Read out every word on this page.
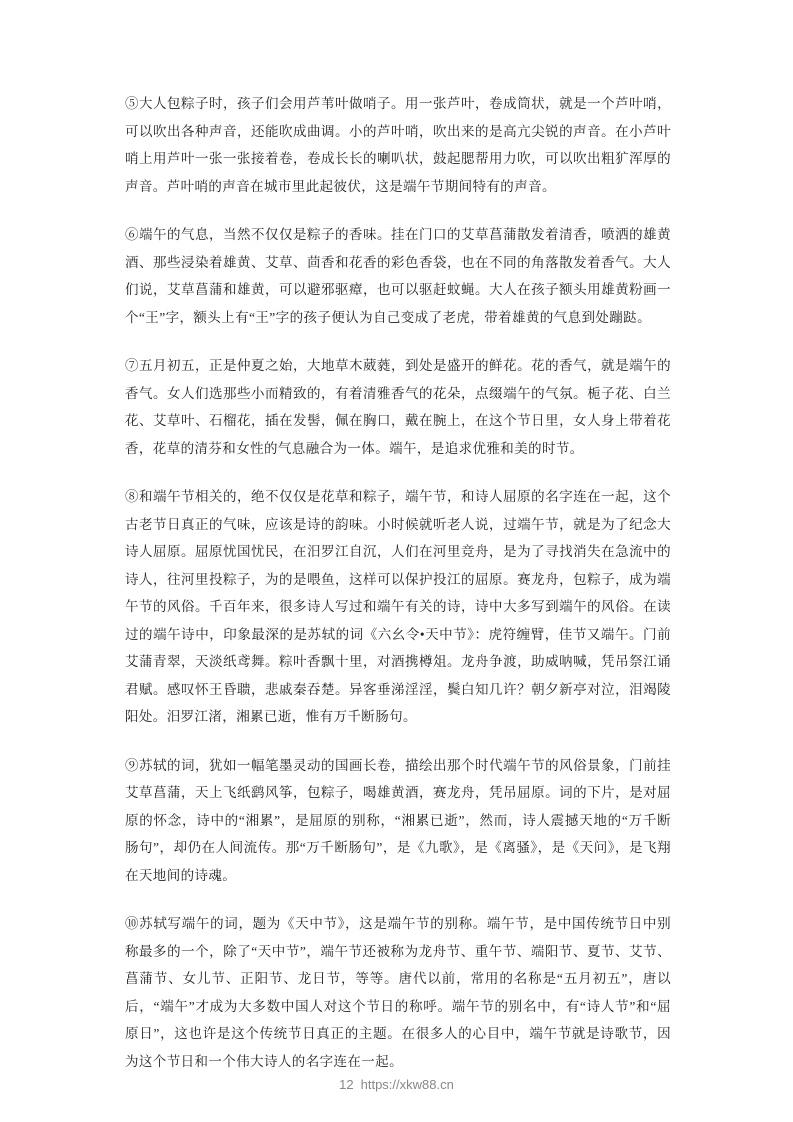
⑤大人包粽子时，孩子们会用芦苇叶做哨子。用一张芦叶，卷成筒状，就是一个芦叶哨，可以吹出各种声音，还能吹成曲调。小的芦叶哨，吹出来的是高亢尖锐的声音。在小芦叶哨上用芦叶一张一张接着卷，卷成长长的喇叭状，鼓起腮帮用力吹，可以吹出粗犷浑厚的声音。芦叶哨的声音在城市里此起彼伏，这是端午节期间特有的声音。

⑥端午的气息，当然不仅仅是粽子的香味。挂在门口的艾草菖蒲散发着清香，喷洒的雄黄酒、那些浸染着雄黄、艾草、茴香和花香的彩色香袋，也在不同的角落散发着香气。大人们说，艾草菖蒲和雄黄，可以避邪驱瘴，也可以驱赶蚊蝇。大人在孩子额头用雄黄粉画一个“王”字，额头上有“王”字的孩子便认为自己变成了老虎，带着雄黄的气息到处蹦跶。

⑦五月初五，正是仲夏之始，大地草木葳蕤，到处是盛开的鲜花。花的香气，就是端午的香气。女人们选那些小而精致的，有着清雅香气的花朵，点缀端午的气氛。栀子花、白兰花、艾草叶、石榴花，插在发髻，佩在胸口，戴在腕上，在这个节日里，女人身上带着花香，花草的清芬和女性的气息融合为一体。端午，是追求优雅和美的时节。

⑧和端午节相关的，绝不仅仅是花草和粽子，端午节，和诗人屈原的名字连在一起，这个古老节日真正的气味，应该是诗的韵味。小时候就听老人说，过端午节，就是为了纪念大诗人屈原。屈原忧国忧民，在汨罗江自沉，人们在河里竞舟，是为了寻找消失在急流中的诗人，往河里投粽子，为的是喂鱼，这样可以保护投江的屈原。赛龙舟，包粽子，成为端午节的风俗。千百年来，很多诗人写过和端午有关的诗，诗中大多写到端午的风俗。在读过的端午诗中，印象最深的是苏轼的词《六幺令•天中节》：虎符缠臂，佳节又端午。门前艾蒲青翠，天淡纸鸢舞。粽叶香飘十里，对酒携樽俎。龙舟争渡，助威呐喊，凭吊祭江诵君赋。感叹怀王昏聩，悲戚秦吞楚。异客垂涕淫淫，鬓白知几许？朝夕新亭对泣，泪竭陵阳处。汨罗江渚，湘累已逝，惟有万千断肠句。

⑨苏轼的词，犹如一幅笔墨灵动的国画长卷，描绘出那个时代端午节的风俗景象，门前挂艾草菖蒲，天上飞纸鹞风筝，包粽子，喝雄黄酒，赛龙舟，凭吊屈原。词的下片，是对屈原的怀念，诗中的“湘累”，是屈原的别称，“湘累已逝”，然而，诗人震撼天地的“万千断肠句”，却仍在人间流传。那“万千断肠句”，是《九歌》，是《离骚》，是《天问》，是飞翔在天地间的诗魂。

⑩苏轼写端午的词，题为《天中节》，这是端午节的别称。端午节，是中国传统节日中别称最多的一个，除了“天中节”，端午节还被称为龙舟节、重午节、端阳节、夏节、艾节、菖蒲节、女儿节、正阳节、龙日节，等等。唐代以前，常用的名称是“五月初五”，唐以后，“端午”才成为大多数中国人对这个节日的称呼。端午节的别名中，有“诗人节”和“屈原日”，这也许是这个传统节日真正的主题。在很多人的心目中，端午节就是诗歌节，因为这个节日和一个伟大诗人的名字连在一起。

12 https://xkw88.cn
